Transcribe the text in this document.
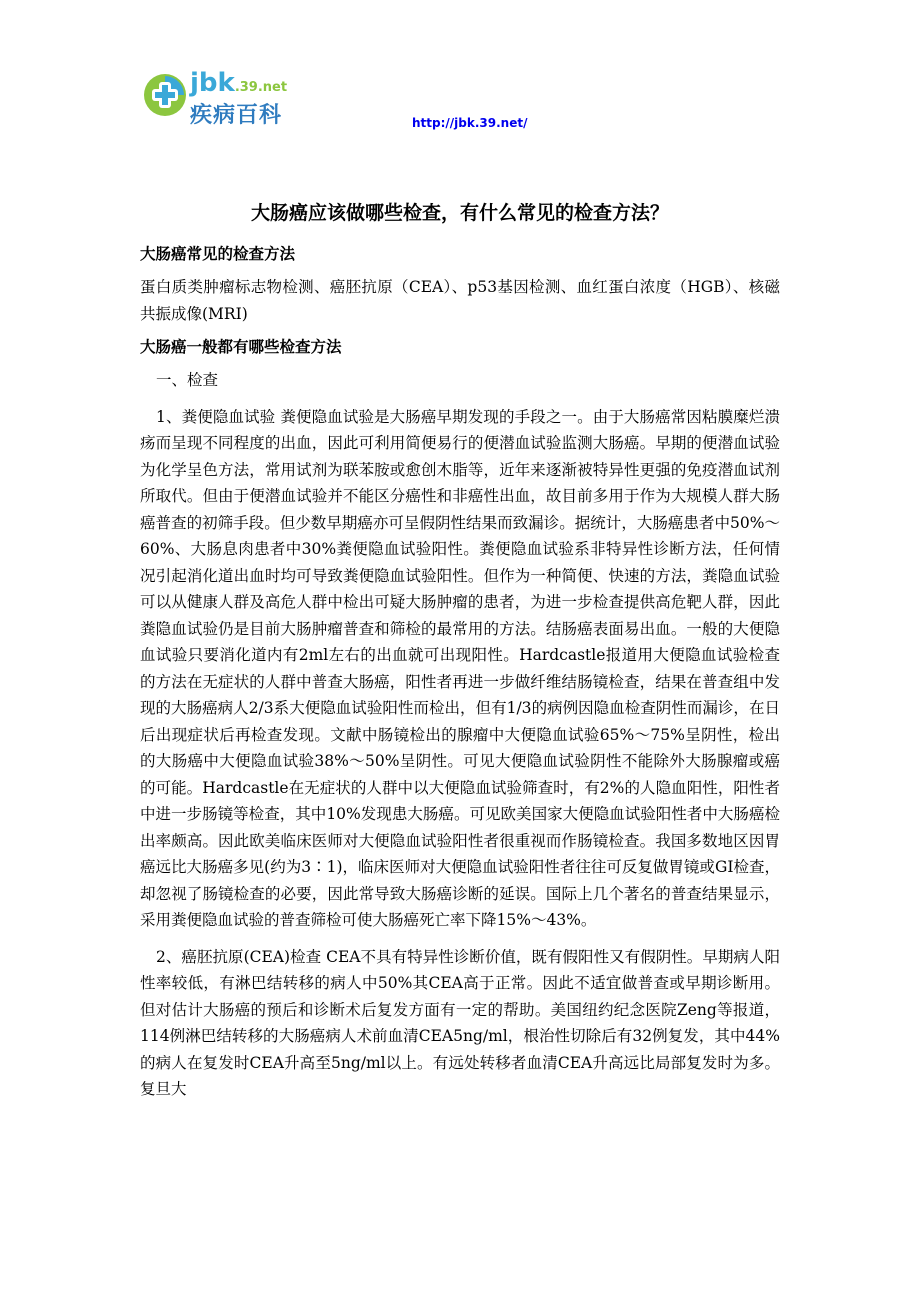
jbk.39.net
疾病百科	http://jbk.39.net/
大肠癌应该做哪些检查，有什么常见的检查方法？

大肠癌常见的检查方法

蛋白质类肿瘤标志物检测、癌胚抗原（CEA）、p53基因检测、血红蛋白浓度（HGB）、核磁共振成像(MRI)

大肠癌一般都有哪些检查方法

一、检查

1、粪便隐血试验 粪便隐血试验是大肠癌早期发现的手段之一。由于大肠癌常因粘膜糜烂溃疡而呈现不同程度的出血，因此可利用简便易行的便潜血试验监测大肠癌。早期的便潜血试验为化学呈色方法，常用试剂为联苯胺或愈创木脂等，近年来逐渐被特异性更强的免疫潜血试剂所取代。但由于便潜血试验并不能区分癌性和非癌性出血，故目前多用于作为大规模人群大肠癌普查的初筛手段。但少数早期癌亦可呈假阴性结果而致漏诊。据统计，大肠癌患者中50%～60%、大肠息肉患者中30%粪便隐血试验阳性。粪便隐血试验系非特异性诊断方法，任何情况引起消化道出血时均可导致粪便隐血试验阳性。但作为一种简便、快速的方法，粪隐血试验可以从健康人群及高危人群中检出可疑大肠肿瘤的患者，为进一步检查提供高危靶人群，因此粪隐血试验仍是目前大肠肿瘤普查和筛检的最常用的方法。结肠癌表面易出血。一般的大便隐血试验只要消化道内有2ml左右的出血就可出现阳性。Hardcastle报道用大便隐血试验检查的方法在无症状的人群中普查大肠癌，阳性者再进一步做纤维结肠镜检查，结果在普查组中发现的大肠癌病人2/3系大便隐血试验阳性而检出，但有1/3的病例因隐血检查阴性而漏诊，在日后出现症状后再检查发现。文献中肠镜检出的腺瘤中大便隐血试验65%～75%呈阴性，检出的大肠癌中大便隐血试验38%～50%呈阴性。可见大便隐血试验阴性不能除外大肠腺瘤或癌的可能。Hardcastle在无症状的人群中以大便隐血试验筛查时，有2%的人隐血阳性，阳性者中进一步肠镜等检查，其中10%发现患大肠癌。可见欧美国家大便隐血试验阳性者中大肠癌检出率颇高。因此欧美临床医师对大便隐血试验阳性者很重视而作肠镜检查。我国多数地区因胃癌远比大肠癌多见(约为3∶1)，临床医师对大便隐血试验阳性者往往可反复做胃镜或GI检查，却忽视了肠镜检查的必要，因此常导致大肠癌诊断的延误。国际上几个著名的普查结果显示，采用粪便隐血试验的普查筛检可使大肠癌死亡率下降15%～43%。

2、癌胚抗原(CEA)检查 CEA不具有特异性诊断价值，既有假阳性又有假阴性。早期病人阳性率较低，有淋巴结转移的病人中50%其CEA高于正常。因此不适宜做普查或早期诊断用。但对估计大肠癌的预后和诊断术后复发方面有一定的帮助。美国纽约纪念医院Zeng等报道，114例淋巴结转移的大肠癌病人术前血清CEA5ng/ml，根治性切除后有32例复发，其中44%的病人在复发时CEA升高至5ng/ml以上。有远处转移者血清CEA升高远比局部复发时为多。复旦大
